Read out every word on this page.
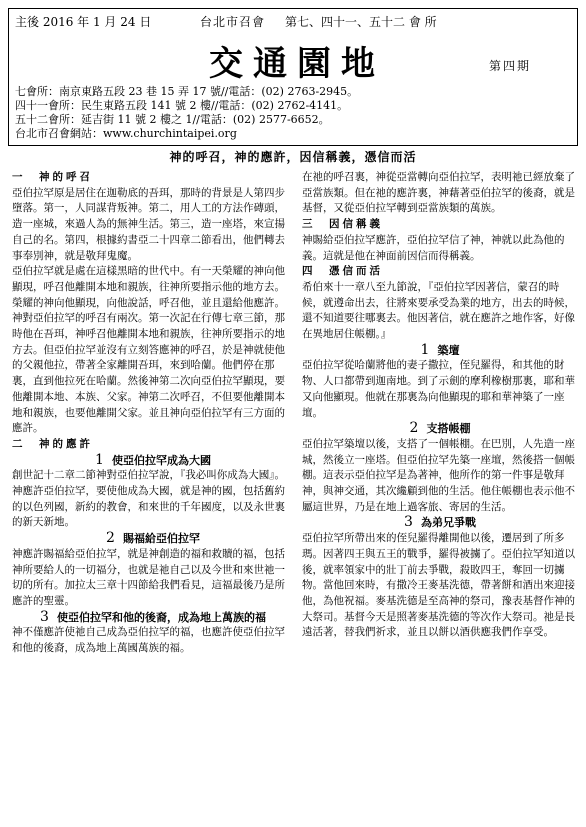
主後 2016 年 1 月 24 日	台北市召會 第七、四十一、五十二 會 所
交通園地	第四期
七會所：南京東路五段 23 巷 15 弄 17 號//電話：(02) 2763-2945。
四十一會所：民生東路五段 141 號 2 樓//電話：(02) 2762-4141。
五十二會所：延吉街 11 號 2 樓之 1//電話：(02) 2577-6652。
台北市召會網站：www.churchintaipei.org
神的呼召，神的應許，因信稱義，憑信而活

一　神的呼召

亞伯拉罕原是居住在迦勒底的吾珥，那時的背景是人第四步墮落。第一，人同謀背叛神。第二，用人工的方法作磚頭，造一座城，來過人為的無神生活。第三，造一座塔，來宣揚自己的名。第四，根據約書亞二十四章二節看出，他們轉去事奉別神，就是敬拜鬼魔。

亞伯拉罕就是處在這樣黑暗的世代中。有一天榮耀的神向他顯現，呼召他離開本地和親族，往神所要指示他的地方去。榮耀的神向他顯現，向他說話，呼召他，並且還給他應許。

神對亞伯拉罕的呼召有兩次。第一次記在行傳七章三節，那時他在吾珥，神呼召他離開本地和親族，往神所要指示的地方去。但亞伯拉罕並沒有立刻答應神的呼召，於是神就使他的父親他拉，帶著全家離開吾珥，來到哈蘭。他們停在那裏，直到他拉死在哈蘭。然後神第二次向亞伯拉罕顯現，要他離開本地、本族、父家。神第二次呼召，不但要他離開本地和親族，也要他離開父家。並且神向亞伯拉罕有三方面的應許。

二　神的應許

1 使亞伯拉罕成為大國

創世記十二章二節神對亞伯拉罕說，『我必叫你成為大國』。神應許亞伯拉罕，要使他成為大國，就是神的國，包括舊約的以色列國，新約的教會，和來世的千年國度，以及永世裏的新天新地。

2 賜福給亞伯拉罕

神應許賜福給亞伯拉罕，就是神創造的福和救贖的福，包括神所要給人的一切福分，也就是祂自己以及今世和來世祂一切的所有。加拉太三章十四節給我們看見，這福最後乃是所應許的聖靈。

3 使亞伯拉罕和他的後裔，成為地上萬族的福

神不僅應許使祂自己成為亞伯拉罕的福，也應許使亞伯拉罕和他的後裔，成為地上萬國萬族的福。

在祂的呼召裏，神從亞當轉向亞伯拉罕，表明祂已經放棄了亞當族類。但在祂的應許裏，神藉著亞伯拉罕的後裔，就是基督，又從亞伯拉罕轉到亞當族類的萬族。

三　因信稱義

神賜給亞伯拉罕應許，亞伯拉罕信了神，神就以此為他的義。這就是他在神面前因信而得稱義。

四　憑信而活

希伯來十一章八至九節說，『亞伯拉罕因著信，蒙召的時候，就遵命出去，往將來要承受為業的地方，出去的時候，還不知道要往哪裏去。他因著信，就在應許之地作客，好像在異地居住帳棚。』

1 築壇

亞伯拉罕從哈蘭將他的妻子撒拉，侄兒羅得，和其他的財物、人口都帶到迦南地。到了示劍的摩利橡樹那裏，耶和華又向他顯現。他就在那裏為向他顯現的耶和華神築了一座壇。

2 支搭帳棚

亞伯拉罕築壇以後，支搭了一個帳棚。在巴別，人先造一座城，然後立一座塔。但亞伯拉罕先築一座壇，然後搭一個帳棚。這表示亞伯拉罕是為著神，他所作的第一件事是敬拜神，與神交通，其次纔顧到他的生活。他住帳棚也表示他不屬這世界，乃是在地上過客旅、寄居的生活。

3 為弟兄爭戰

亞伯拉罕所帶出來的侄兒羅得離開他以後，遷居到了所多瑪。因著四王與五王的戰爭，羅得被擄了。亞伯拉罕知道以後，就率領家中的壯丁前去爭戰，殺敗四王，奪回一切擄物。當他回來時，有撒冷王麥基洗德，帶著餅和酒出來迎接他，為他祝福。麥基洗德是至高神的祭司，豫表基督作神的大祭司。基督今天是照著麥基洗德的等次作大祭司。祂是長遠活著，替我們祈求，並且以餅以酒供應我們作享受。
